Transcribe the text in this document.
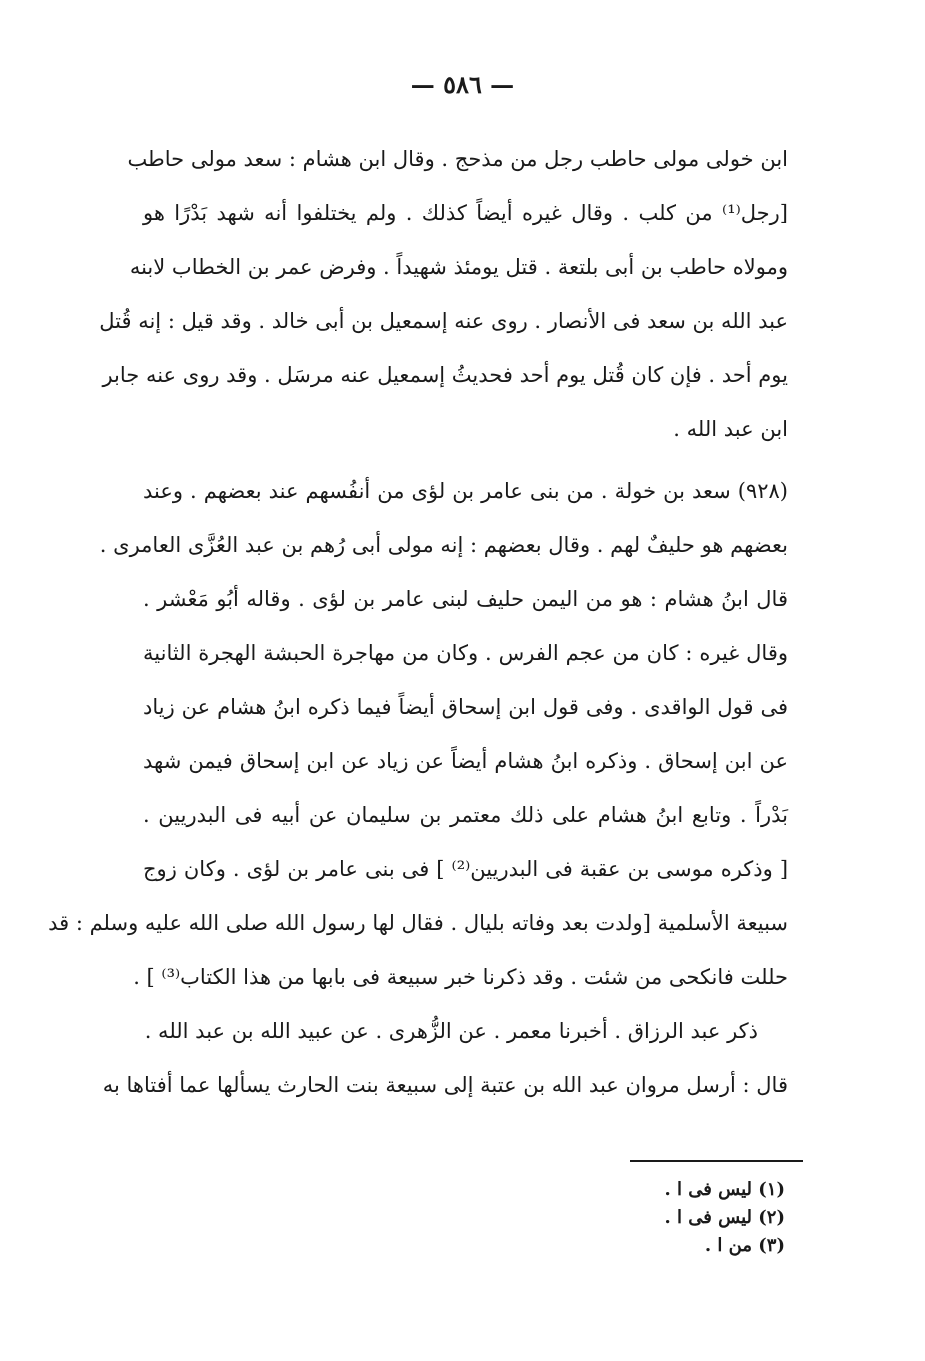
— ٥٨٦ —
ابن خولى مولى حاطب رجل من مذحج . وقال ابن هشام : سعد مولى حاطب
[رجل⁽¹⁾ من كلب . وقال غيره أيضاً كذلك . ولم يختلفوا أنه شهد بَدْرًا هو
ومولاه حاطب بن أبى بلتعة . قتل يومئذ شهيداً . وفرض عمر بن الخطاب لابنه
عبد الله بن سعد فى الأنصار . روى عنه إسمعيل بن أبى خالد . وقد قيل : إنه قُتل
يوم أحد . فإن كان قُتل يوم أحد فحديثُ إسمعيل عنه مرسَل . وقد روى عنه جابر
ابن عبد الله .
(٩٢٨) سعد بن خولة . من بنى عامر بن لؤى من أنفُسهم عند بعضهم . وعند
بعضهم هو حليفٌ لهم . وقال بعضهم : إنه مولى أبى رُهم بن عبد العُزَّى العامرى .
قال ابنُ هشام : هو من اليمن حليف لبنى عامر بن لؤى . وقاله أبُو مَعْشر .
وقال غيره : كان من عجم الفرس . وكان من مهاجرة الحبشة الهجرة الثانية
فى قول الواقدى . وفى قول ابن إسحاق أيضاً فيما ذكره ابنُ هشام عن زياد
عن ابن إسحاق . وذكره ابنُ هشام أيضاً عن زياد عن ابن إسحاق فيمن شهد
بَدْراً . وتابع ابنُ هشام على ذلك معتمر بن سليمان عن أبيه فى البدريين .
[ وذكره موسى بن عقبة فى البدريين⁽²⁾ ] فى بنى عامر بن لؤى . وكان زوج
سبيعة الأسلمية [ولدت بعد وفاته بليال . فقال لها رسول الله صلى الله عليه وسلم : قد
حللت فانكحى من شئت . وقد ذكرنا خبر سبيعة فى بابها من هذا الكتاب⁽³⁾ ] .
ذكر عبد الرزاق . أخبرنا معمر . عن الزُّهرى . عن عبيد الله بن عبد الله .
قال : أرسل مروان عبد الله بن عتبة إلى سبيعة بنت الحارث يسألها عما أفتاها به
(١) ليس فى ا .
(٢) ليس فى ا .
(٣) من ا .
